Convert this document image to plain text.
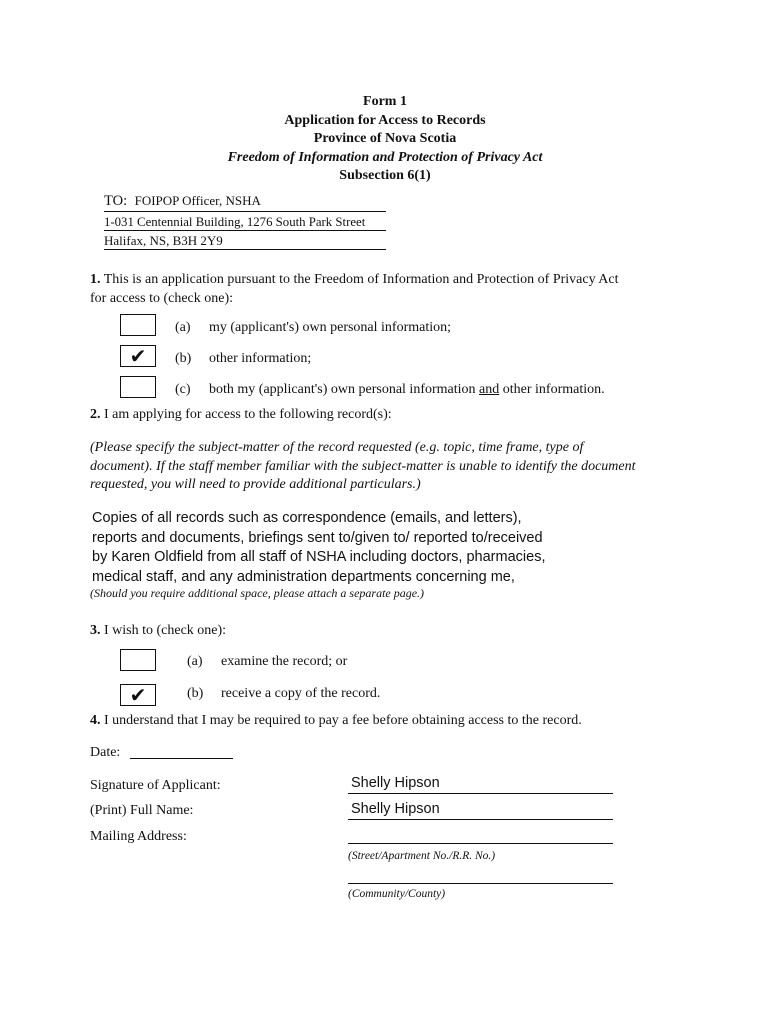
Form 1
Application for Access to Records
Province of Nova Scotia
Freedom of Information and Protection of Privacy Act
Subsection 6(1)
TO: FOIPOP Officer, NSHA
1-031 Centennial Building, 1276 South Park Street
Halifax, NS, B3H 2Y9
1. This is an application pursuant to the Freedom of Information and Protection of Privacy Act
for access to (check one):
(a) my (applicant's) own personal information;
✔	(b) other information;
(c) both my (applicant's) own personal information and other information.
2. I am applying for access to the following record(s):
(Please specify the subject-matter of the record requested (e.g. topic, time frame, type of
document). If the staff member familiar with the subject-matter is unable to identify the document
requested, you will need to provide additional particulars.)
Copies of all records such as correspondence (emails, and letters),
reports and documents, briefings sent to/given to/ reported to/received
by Karen Oldfield from all staff of NSHA including doctors, pharmacies,
medical staff, and any administration departments concerning me,
(Should you require additional space, please attach a separate page.)
3. I wish to (check one):
(a) examine the record; or
✔	(b) receive a copy of the record.
4. I understand that I may be required to pay a fee before obtaining access to the record.
Date:
Signature of Applicant:	Shelly Hipson
(Print) Full Name:	Shelly Hipson
Mailing Address:
(Street/Apartment No./R.R. No.)
(Community/County)
